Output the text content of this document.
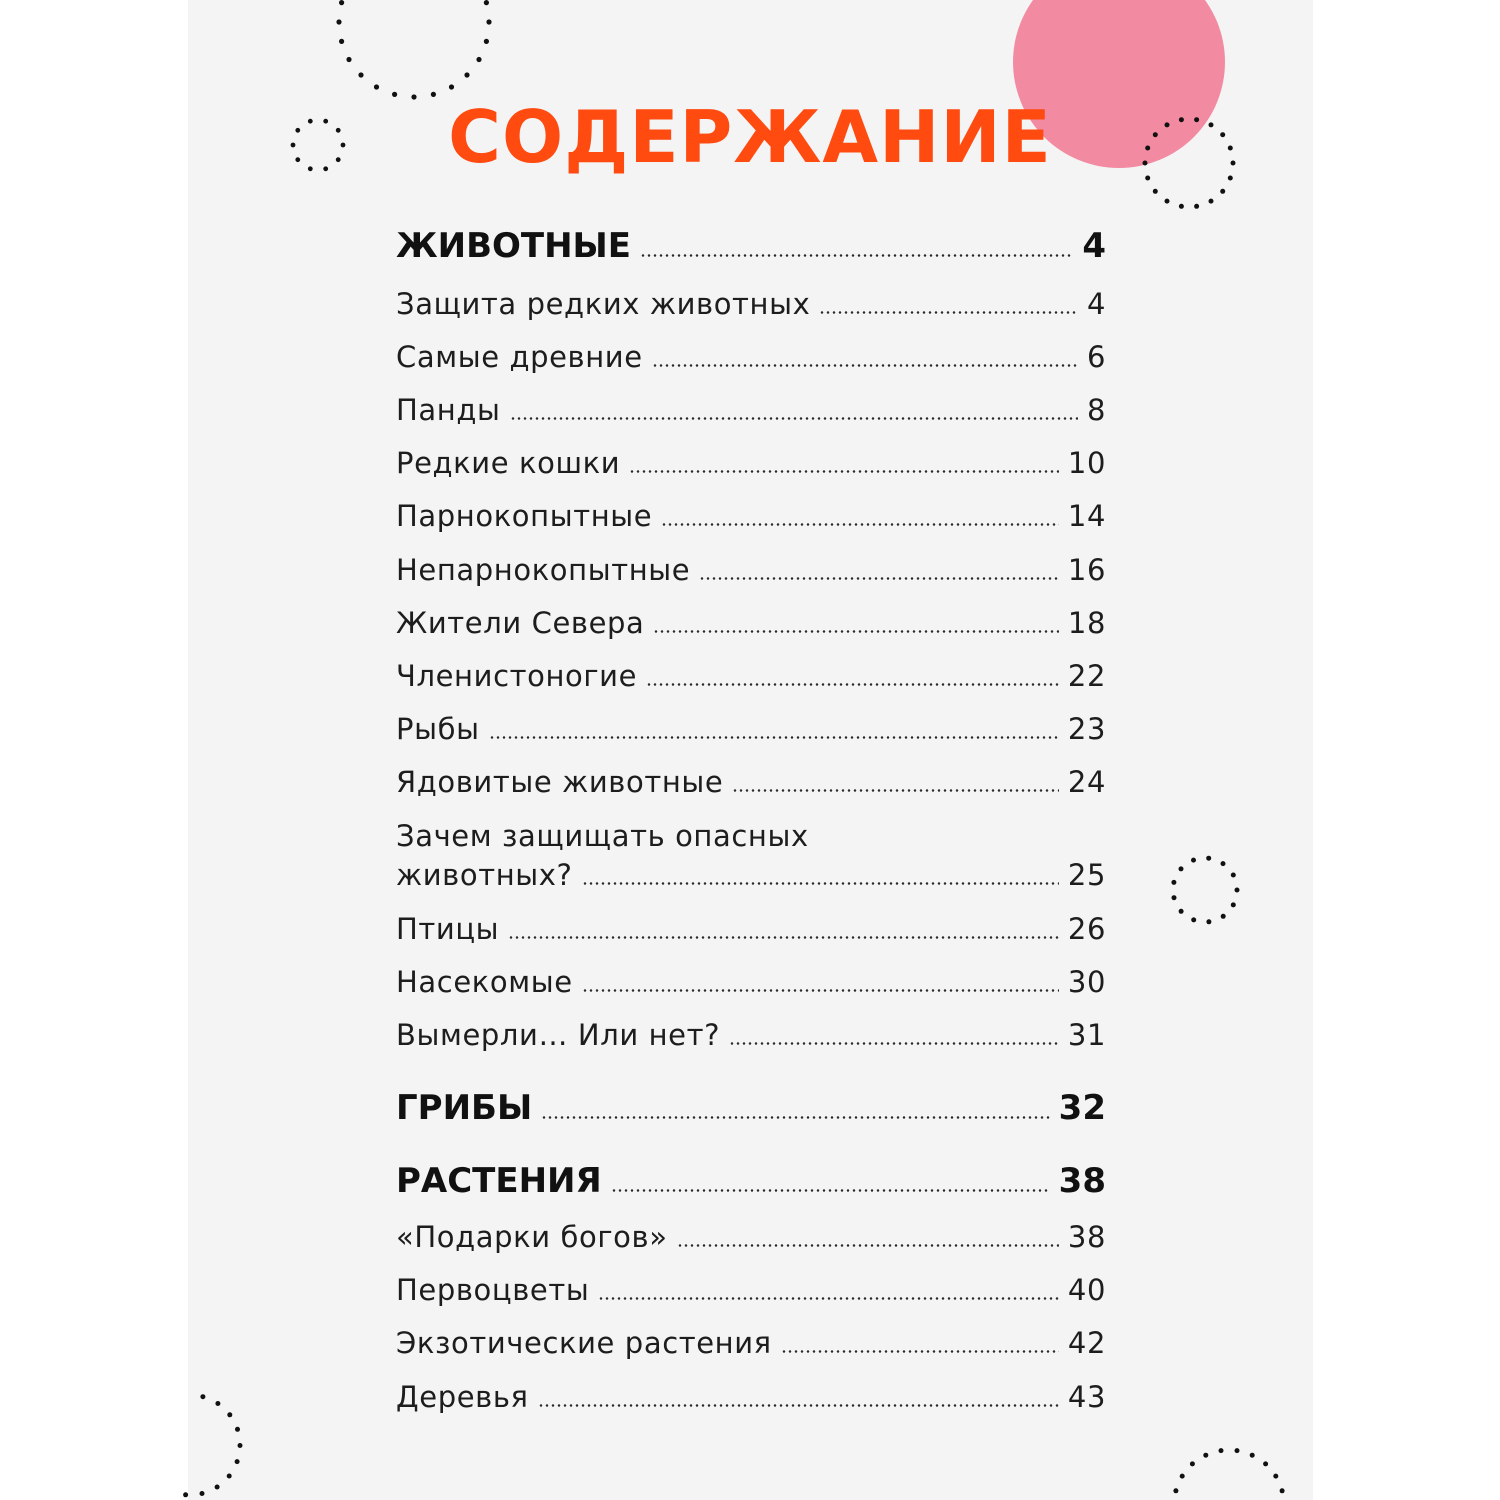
СОДЕРЖАНИЕ
ЖИВОТНЫЕ	4
Защита редких животных	4
Самые древние	6
Панды	8
Редкие кошки	10
Парнокопытные	14
Непарнокопытные	16
Жители Севера	18
Членистоногие	22
Рыбы	23
Ядовитые животные	24
Зачем защищать опасных
животных?	25
Птицы	26
Насекомые	30
Вымерли… Или нет?	31
ГРИБЫ	32
РАСТЕНИЯ	38
«Подарки богов»	38
Первоцветы	40
Экзотические растения	42
Деревья	43
